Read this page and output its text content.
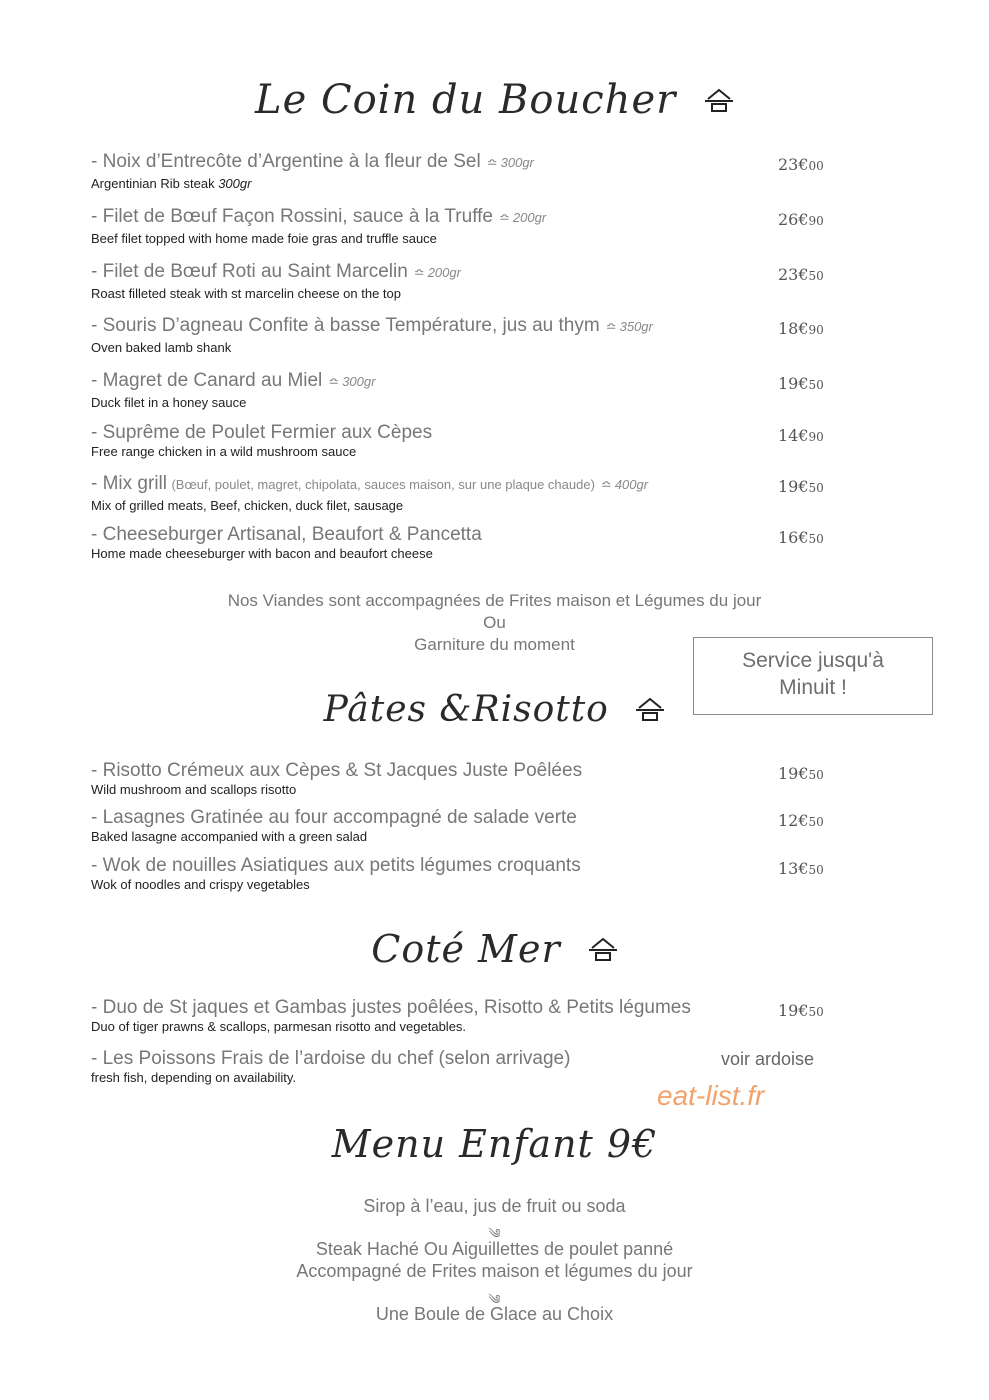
Le Coin du Boucher
- Noix d’Entrecôte d’Argentine à la fleur de Sel ≏ 300gr
Argentinian Rib steak 300gr
23€00
- Filet de Bœuf Façon Rossini, sauce à la Truffe ≏ 200gr
Beef filet topped with home made foie gras and truffle sauce
26€90
- Filet de Bœuf Roti au Saint Marcelin ≏ 200gr
Roast filleted steak with st marcelin cheese on the top
23€50
- Souris D’agneau Confite à basse Température, jus au thym ≏ 350gr
Oven baked lamb shank
18€90
- Magret de Canard au Miel ≏ 300gr
Duck filet in a honey sauce
19€50
- Suprême de Poulet Fermier aux Cèpes
Free range chicken in a wild mushroom sauce
14€90
- Mix grill (Bœuf, poulet, magret, chipolata, sauces maison, sur une plaque chaude) ≏ 400gr
Mix of grilled meats, Beef, chicken, duck filet, sausage
19€50
- Cheeseburger Artisanal, Beaufort & Pancetta
Home made cheeseburger with bacon and beaufort cheese
16€50
Nos Viandes sont accompagnées de Frites maison et Légumes du jour
Ou
Garniture du moment
Service jusqu'à
Minuit !
Pâtes &Risotto
- Risotto Crémeux aux Cèpes & St Jacques Juste Poêlées
Wild mushroom and scallops risotto
19€50
- Lasagnes Gratinée au four accompagné de salade verte
Baked lasagne accompanied with a green salad
12€50
- Wok de nouilles Asiatiques aux petits légumes croquants
Wok of noodles and crispy vegetables
13€50
Coté Mer
- Duo de St jaques et Gambas justes poêlées, Risotto & Petits légumes
Duo of tiger prawns & scallops, parmesan risotto and vegetables.
19€50
- Les Poissons Frais de l’ardoise du chef (selon arrivage)
fresh fish, depending on availability.
voir ardoise
eat-list.fr
Menu Enfant 9€
Sirop à l’eau, jus de fruit ou soda
༄
Steak Haché Ou Aiguillettes de poulet panné
Accompagné de Frites maison et légumes du jour
༄
Une Boule de Glace au Choix
